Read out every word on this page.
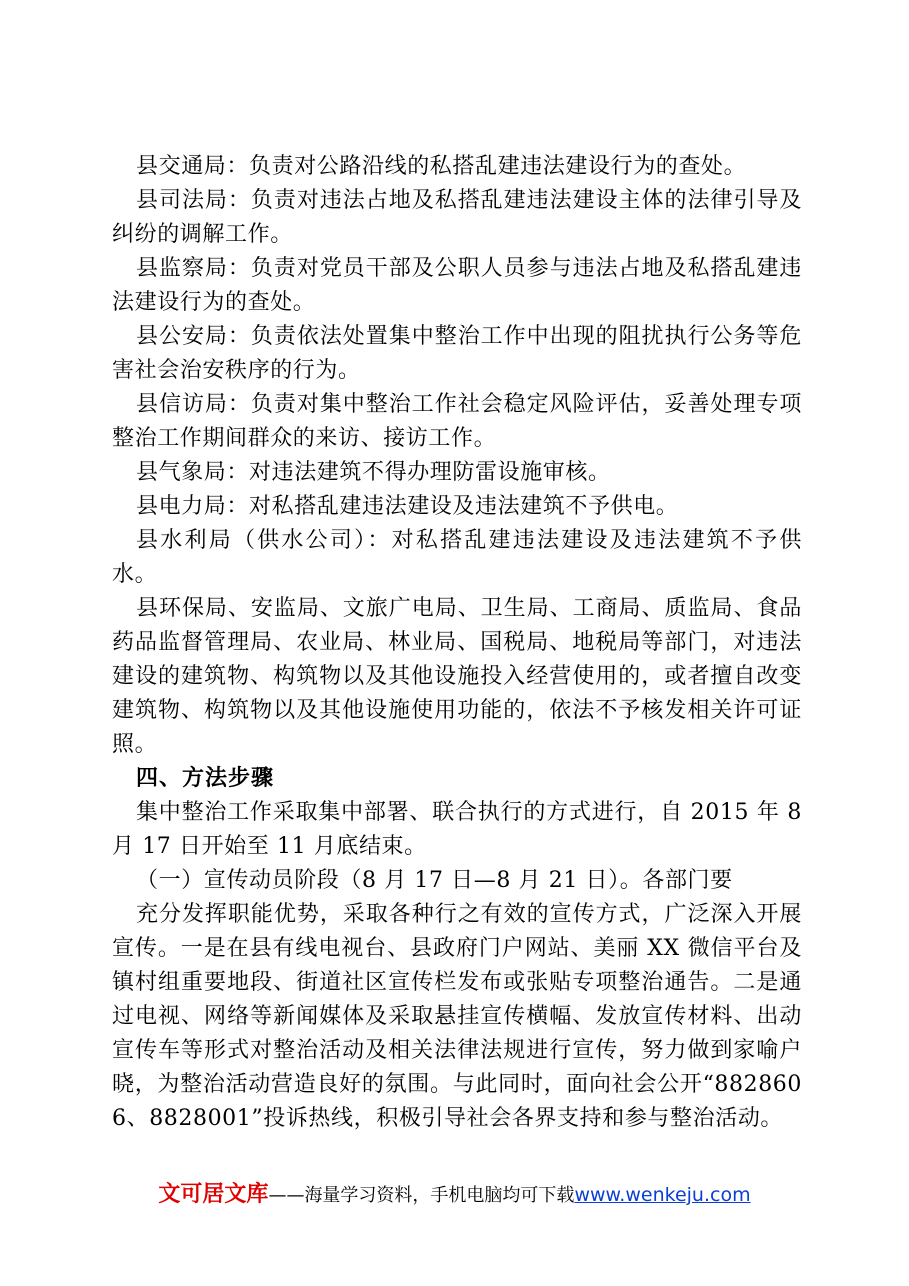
县交通局：负责对公路沿线的私搭乱建违法建设行为的查处。

县司法局：负责对违法占地及私搭乱建违法建设主体的法律引导及纠纷的调解工作。

县监察局：负责对党员干部及公职人员参与违法占地及私搭乱建违法建设行为的查处。

县公安局：负责依法处置集中整治工作中出现的阻扰执行公务等危害社会治安秩序的行为。

县信访局：负责对集中整治工作社会稳定风险评估，妥善处理专项整治工作期间群众的来访、接访工作。

县气象局：对违法建筑不得办理防雷设施审核。

县电力局：对私搭乱建违法建设及违法建筑不予供电。

县水利局（供水公司）：对私搭乱建违法建设及违法建筑不予供水。

县环保局、安监局、文旅广电局、卫生局、工商局、质监局、食品药品监督管理局、农业局、林业局、国税局、地税局等部门，对违法建设的建筑物、构筑物以及其他设施投入经营使用的，或者擅自改变建筑物、构筑物以及其他设施使用功能的，依法不予核发相关许可证照。

四、方法步骤

集中整治工作采取集中部署、联合执行的方式进行，自 2015 年 8 月 17 日开始至 11 月底结束。

（一）宣传动员阶段（8 月 17 日—8 月 21 日）。各部门要

充分发挥职能优势，采取各种行之有效的宣传方式，广泛深入开展宣传。一是在县有线电视台、县政府门户网站、美丽 XX 微信平台及镇村组重要地段、街道社区宣传栏发布或张贴专项整治通告。二是通过电视、网络等新闻媒体及采取悬挂宣传横幅、发放宣传材料、出动宣传车等形式对整治活动及相关法律法规进行宣传，努力做到家喻户晓，为整治活动营造良好的氛围。与此同时，面向社会公开“8828606、8828001”投诉热线，积极引导社会各界支持和参与整治活动。

文可居文库——海量学习资料，手机电脑均可下载www.wenkeju.com
